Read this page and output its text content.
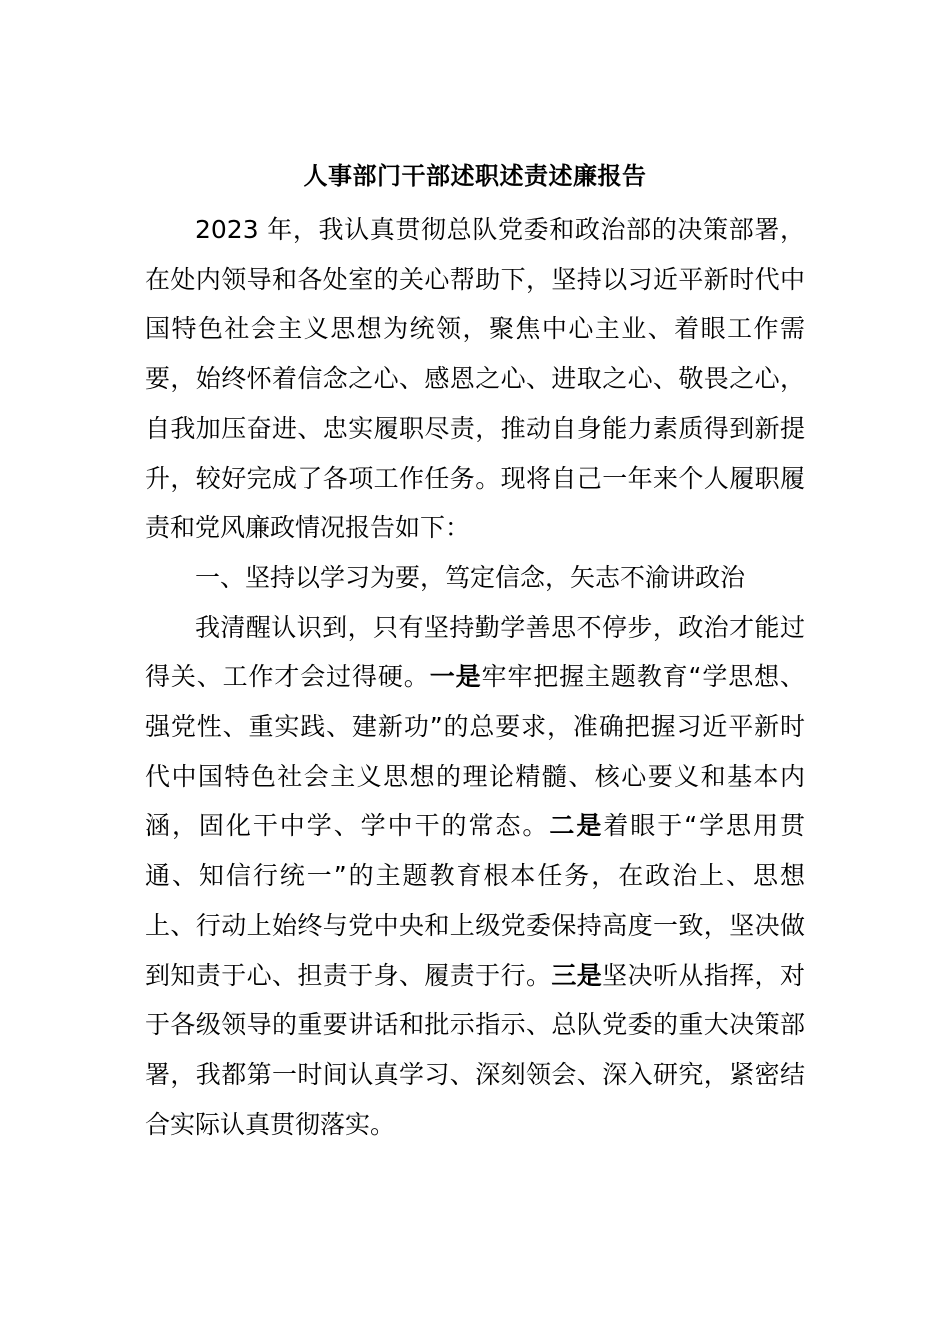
人事部门干部述职述责述廉报告

2023 年，我认真贯彻总队党委和政治部的决策部署，在处内领导和各处室的关心帮助下，坚持以习近平新时代中国特色社会主义思想为统领，聚焦中心主业、着眼工作需要，始终怀着信念之心、感恩之心、进取之心、敬畏之心，自我加压奋进、忠实履职尽责，推动自身能力素质得到新提升，较好完成了各项工作任务。现将自己一年来个人履职履责和党风廉政情况报告如下：

一、坚持以学习为要，笃定信念，矢志不渝讲政治

我清醒认识到，只有坚持勤学善思不停步，政治才能过得关、工作才会过得硬。一是牢牢把握主题教育“学思想、强党性、重实践、建新功”的总要求，准确把握习近平新时代中国特色社会主义思想的理论精髓、核心要义和基本内涵，固化干中学、学中干的常态。二是着眼于“学思用贯通、知信行统一”的主题教育根本任务，在政治上、思想上、行动上始终与党中央和上级党委保持高度一致，坚决做到知责于心、担责于身、履责于行。三是坚决听从指挥，对于各级领导的重要讲话和批示指示、总队党委的重大决策部署，我都第一时间认真学习、深刻领会、深入研究，紧密结合实际认真贯彻落实。
